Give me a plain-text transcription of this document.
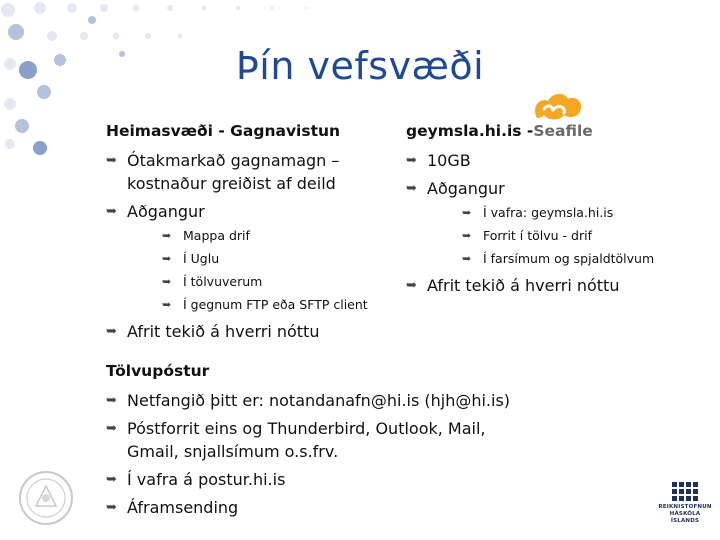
Þín vefsvæði
Heimasvæði - Gagnavistun
➥ Ótakmarkað gagnamagn – kostnaður greiðist af deild
➥ Aðgangur
➥ Mappa drif
➥ Í Uglu
➥ Í tölvuverum
➥ Í gegnum FTP eða SFTP client
➥ Afrit tekið á hverri nóttu
geymsla.hi.is - Seafile
➥ 10GB
➥ Aðgangur
➥ Í vafra: geymsla.hi.is
➥ Forrit í tölvu - drif
➥ Í farsímum og spjaldtölvum
➥ Afrit tekið á hverri nóttu
Tölvupóstur
➥ Netfangið þitt er: notandanafn@hi.is (hjh@hi.is)
➥ Póstforrit eins og Thunderbird, Outlook, Mail, Gmail, snjallsímum o.s.frv.
➥ Í vafra á postur.hi.is
➥ Áframsending	REIKNISTOFNUN
HÁSKÓLA ÍSLANDS
